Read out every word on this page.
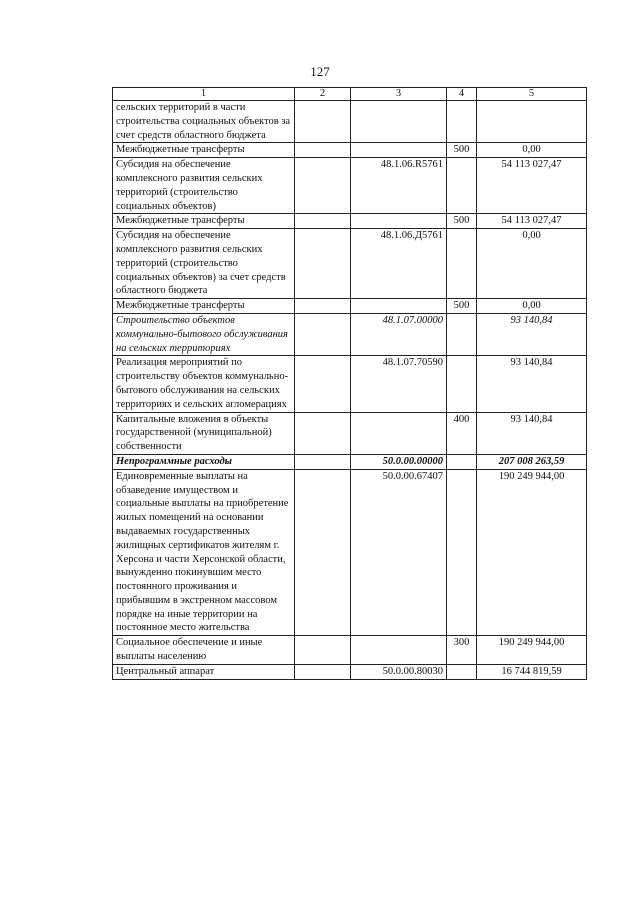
127
1	2	3	4	5
сельских территорий в части строительства социальных объектов за счет средств областного бюджета				
Межбюджетные трансферты			500	0,00
Субсидия на обеспечение комплексного развития сельских территорий (строительство социальных объектов)		48.1.06.R5761		54 113 027,47
Межбюджетные трансферты			500	54 113 027,47
Субсидия на обеспечение комплексного развития сельских территорий (строительство социальных объектов) за счет средств областного бюджета		48.1.06.Д5761		0,00
Межбюджетные трансферты			500	0,00
Строительство объектов коммунально-бытового обслуживания на сельских территориях		48.1.07.00000		93 140,84
Реализация мероприятий по строительству объектов коммунально-бытового обслуживания на сельских территориях и сельских агломерациях		48.1.07.70590		93 140,84
Капитальные вложения в объекты государственной (муниципальной) собственности			400	93 140,84
Непрограммные расходы		50.0.00.00000		207 008 263,59
Единовременные выплаты на обзаведение имуществом и социальные выплаты на приобретение жилых помещений на основании выдаваемых государственных жилищных сертификатов жителям г. Херсона и части Херсонской области, вынужденно покинувшим место постоянного проживания и прибывшим в экстренном массовом порядке на иные территории на постоянное место жительства		50.0.00.67407		190 249 944,00
Социальное обеспечение и иные выплаты населению			300	190 249 944,00
Центральный аппарат		50.0.00.80030		16 744 819,59
